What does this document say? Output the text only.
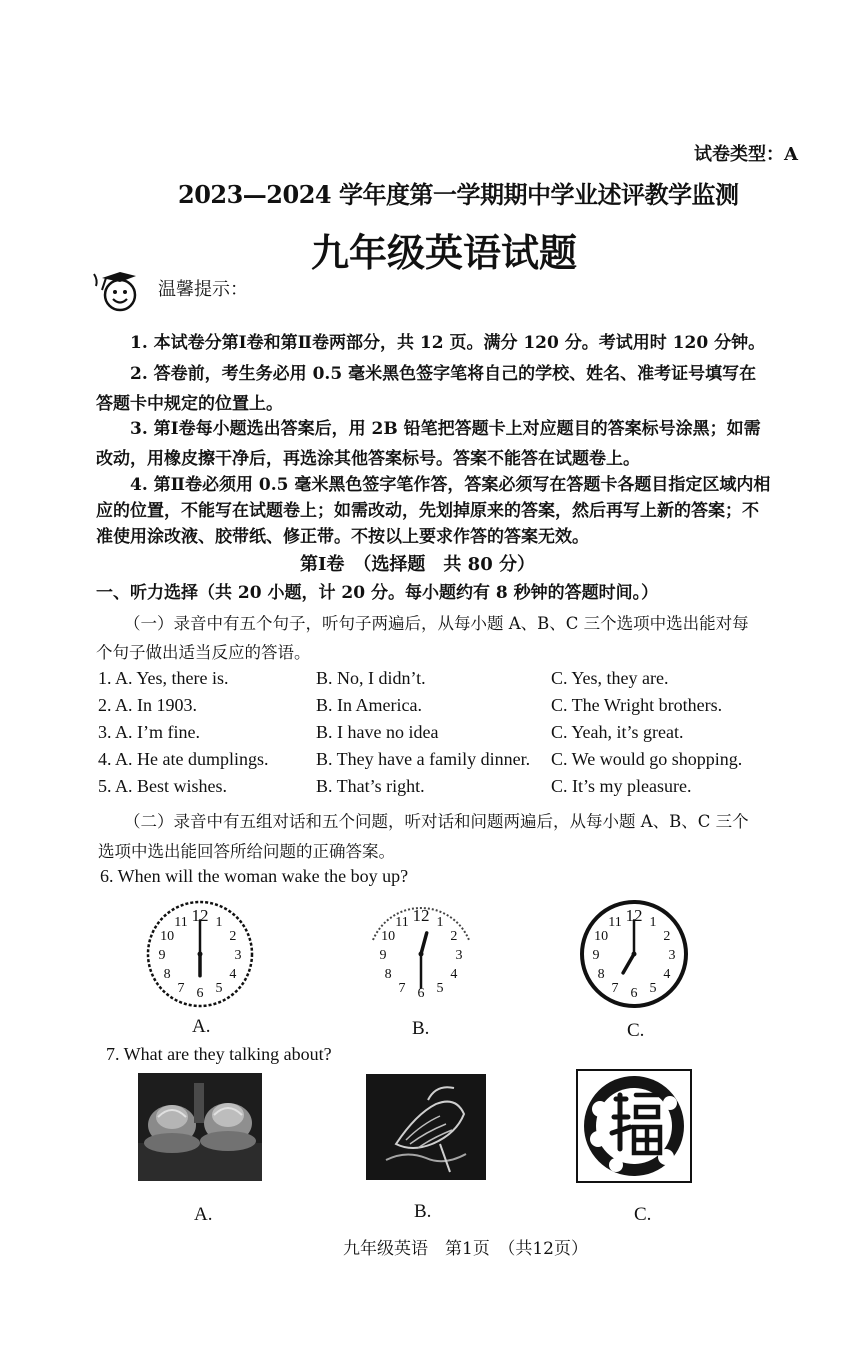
试卷类型：A
2023—2024 学年度第一学期期中学业述评教学监测
九年级英语试题
温馨提示：
1. 本试卷分第Ⅰ卷和第Ⅱ卷两部分，共 12 页。满分 120 分。考试用时 120 分钟。
2. 答卷前，考生务必用 0.5 毫米黑色签字笔将自己的学校、姓名、准考证号填写在
答题卡中规定的位置上。
3. 第Ⅰ卷每小题选出答案后，用 2B 铅笔把答题卡上对应题目的答案标号涂黑；如需
改动，用橡皮擦干净后，再选涂其他答案标号。答案不能答在试题卷上。
4. 第Ⅱ卷必须用 0.5 毫米黑色签字笔作答，答案必须写在答题卡各题目指定区域内相
应的位置，不能写在试题卷上；如需改动，先划掉原来的答案，然后再写上新的答案；不
准使用涂改液、胶带纸、修正带。不按以上要求作答的答案无效。
第Ⅰ卷　（选择题　共 80 分）
一、听力选择（共 20 小题，计 20 分。每小题约有 8 秒钟的答题时间。）
（一）录音中有五个句子，听句子两遍后，从每小题 A、B、C 三个选项中选出能对每
个句子做出适当反应的答语。
1. A. Yes, there is.	B. No, I didn’t.	C. Yes, they are.
2. A. In 1903.	B. In America.	C. The Wright brothers.
3. A. I’m fine.	B. I have no idea	C. Yeah, it’s great.
4. A. He ate dumplings.	B. They have a family dinner. C. We would go shopping.
5. A. Best wishes.	B. That’s right.	C. It’s my pleasure.
（二）录音中有五组对话和五个问题，听对话和问题两遍后，从每小题 A、B、C 三个
选项中选出能回答所给问题的正确答案。
6. When will the woman wake the boy up?
12 1
2
3
4
5
6
7
8
9
10
11	12 1
2
3
4
5
6
7
8
9
10
11	12 1
2
3
4
5
6
7
8
9
10
11
A.	B.	C.
7. What are they talking about?
A.	B.	C.
九年级英语　第1页　（共12页）
